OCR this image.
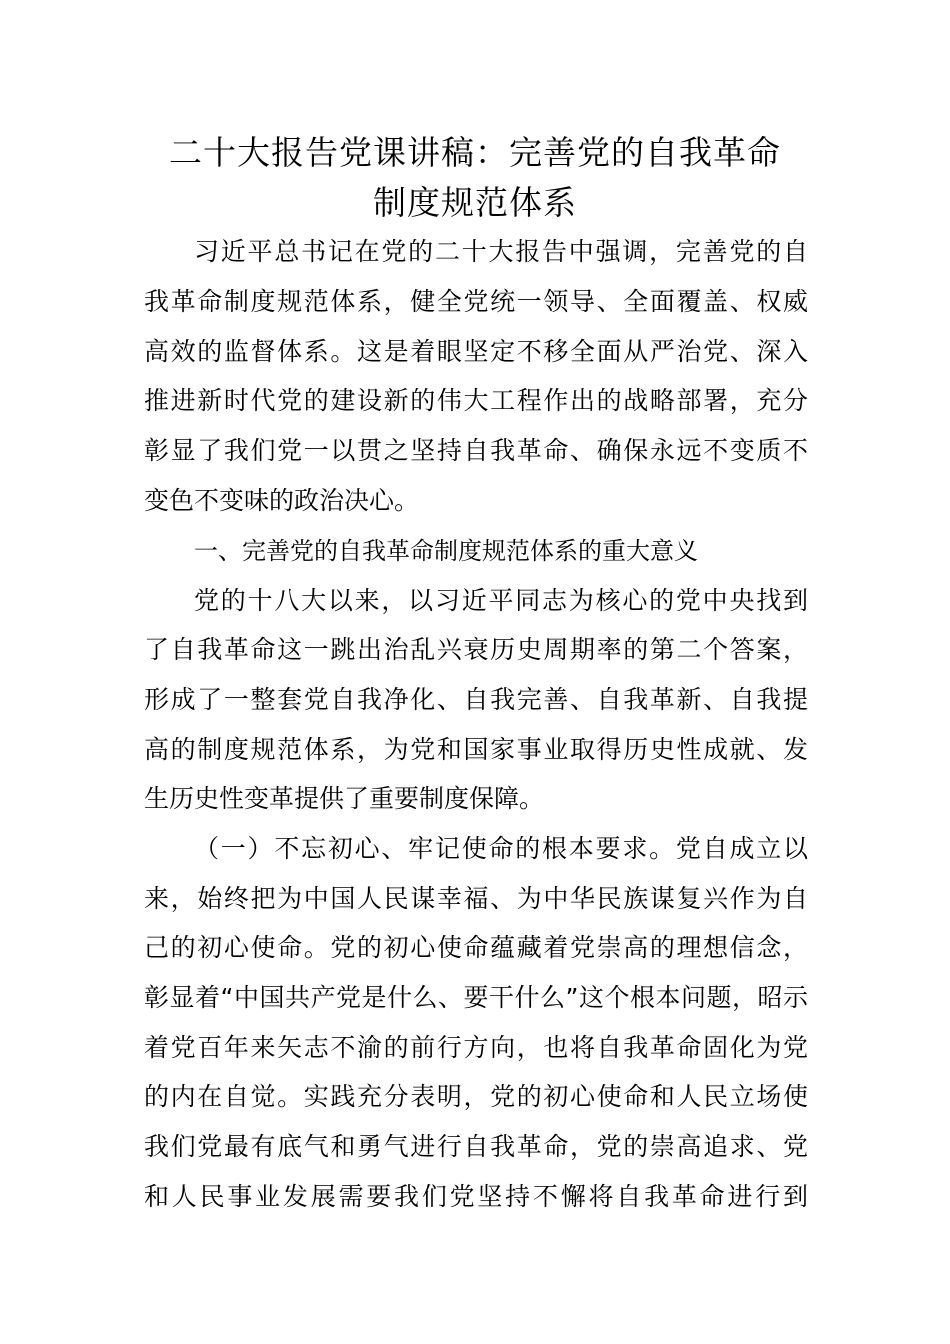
二十大报告党课讲稿：完善党的自我革命
制度规范体系
习近平总书记在党的二十大报告中强调，完善党的自
我革命制度规范体系，健全党统一领导、全面覆盖、权威
高效的监督体系。这是着眼坚定不移全面从严治党、深入
推进新时代党的建设新的伟大工程作出的战略部署，充分
彰显了我们党一以贯之坚持自我革命、确保永远不变质不
变色不变味的政治决心。
一、完善党的自我革命制度规范体系的重大意义
党的十八大以来，以习近平同志为核心的党中央找到
了自我革命这一跳出治乱兴衰历史周期率的第二个答案，
形成了一整套党自我净化、自我完善、自我革新、自我提
高的制度规范体系，为党和国家事业取得历史性成就、发
生历史性变革提供了重要制度保障。
（一）不忘初心、牢记使命的根本要求。党自成立以
来，始终把为中国人民谋幸福、为中华民族谋复兴作为自
己的初心使命。党的初心使命蕴藏着党崇高的理想信念，
彰显着“中国共产党是什么、要干什么”这个根本问题，昭示
着党百年来矢志不渝的前行方向，也将自我革命固化为党
的内在自觉。实践充分表明，党的初心使命和人民立场使
我们党最有底气和勇气进行自我革命，党的崇高追求、党
和人民事业发展需要我们党坚持不懈将自我革命进行到
